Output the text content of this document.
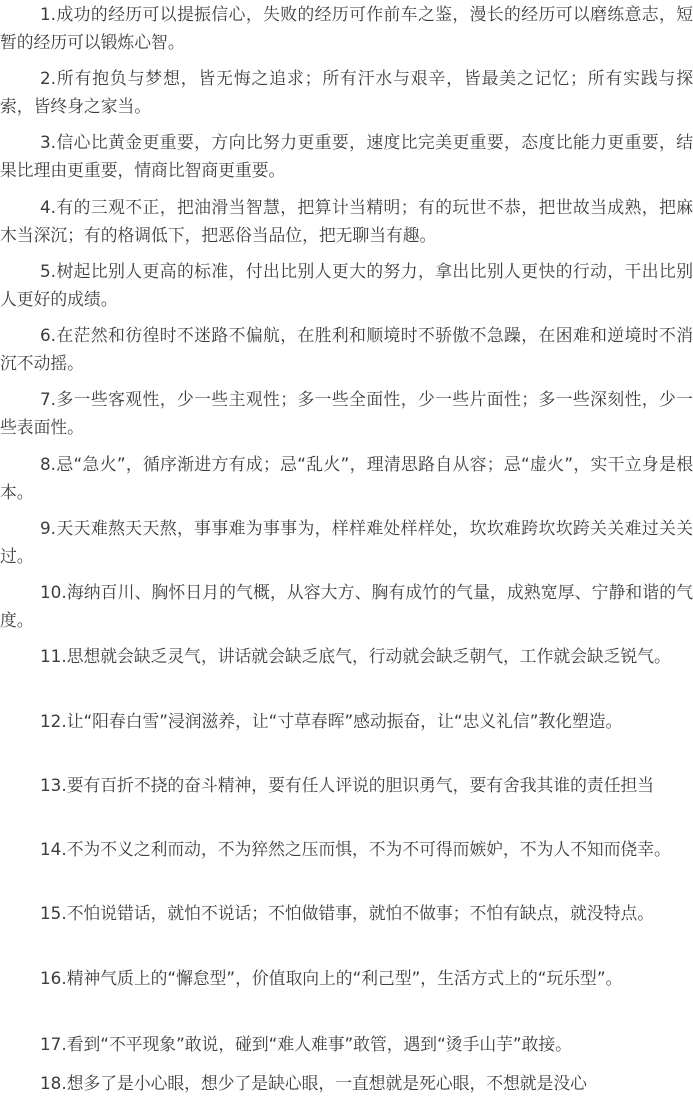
1.成功的经历可以提振信心，失败的经历可作前车之鉴，漫长的经历可以磨练意志，短暂的经历可以锻炼心智。

2.所有抱负与梦想，皆无悔之追求；所有汗水与艰辛，皆最美之记忆；所有实践与探索，皆终身之家当。

3.信心比黄金更重要，方向比努力更重要，速度比完美更重要，态度比能力更重要，结果比理由更重要，情商比智商更重要。

4.有的三观不正，把油滑当智慧，把算计当精明；有的玩世不恭，把世故当成熟，把麻木当深沉；有的格调低下，把恶俗当品位，把无聊当有趣。

5.树起比别人更高的标准，付出比别人更大的努力，拿出比别人更快的行动，干出比别人更好的成绩。

6.在茫然和彷徨时不迷路不偏航，在胜利和顺境时不骄傲不急躁，在困难和逆境时不消沉不动摇。

7.多一些客观性，少一些主观性；多一些全面性，少一些片面性；多一些深刻性，少一些表面性。

8.忌“急火”，循序渐进方有成；忌“乱火”，理清思路自从容；忌“虚火”，实干立身是根本。

9.天天难熬天天熬，事事难为事事为，样样难处样样处，坎坎难跨坎坎跨关关难过关关过。

10.海纳百川、胸怀日月的气概，从容大方、胸有成竹的气量，成熟宽厚、宁静和谐的气度。

11.思想就会缺乏灵气，讲话就会缺乏底气，行动就会缺乏朝气，工作就会缺乏锐气。

12.让“阳春白雪”浸润滋养，让“寸草春晖”感动振奋，让“忠义礼信”教化塑造。

13.要有百折不挠的奋斗精神，要有任人评说的胆识勇气，要有舍我其谁的责任担当

14.不为不义之利而动，不为猝然之压而惧，不为不可得而嫉妒，不为人不知而侥幸。

15.不怕说错话，就怕不说话；不怕做错事，就怕不做事；不怕有缺点，就没特点。

16.精神气质上的“懈怠型”，价值取向上的“利己型”，生活方式上的“玩乐型”。

17.看到“不平现象”敢说，碰到“难人难事”敢管，遇到“烫手山芋”敢接。

18.想多了是小心眼，想少了是缺心眼，一直想就是死心眼，不想就是没心
